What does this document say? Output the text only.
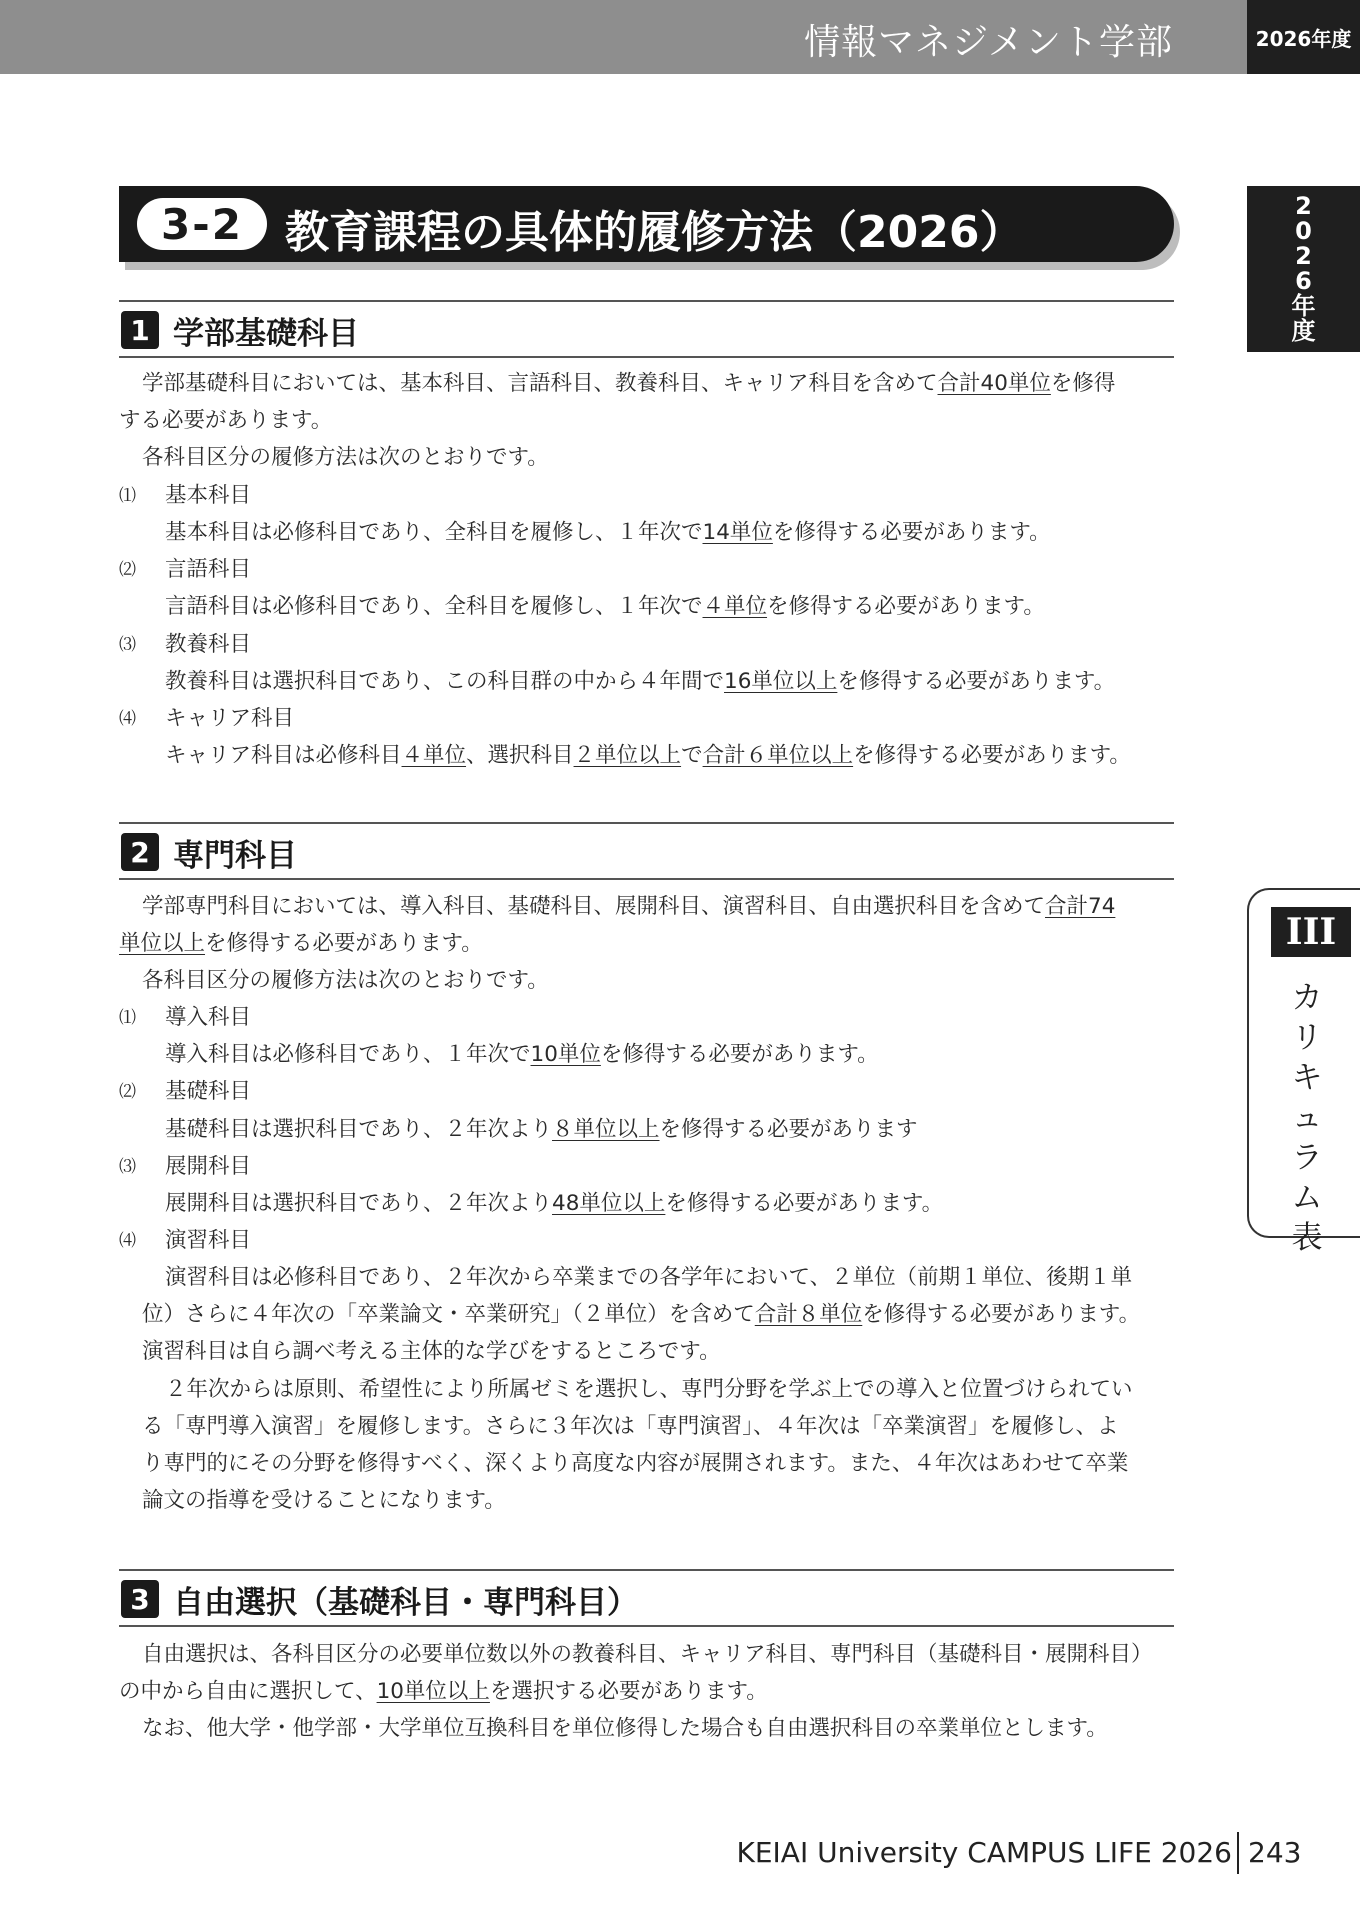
情報マネジメント学部	2026年度
2
0
2
6
年
度
III
カリキュラム表
3-2 教育課程の具体的履修方法（2026）
1 学部基礎科目
学部基礎科目においては、基本科目、言語科目、教養科目、キャリア科目を含めて合計40単位を修得
する必要があります。
各科目区分の履修方法は次のとおりです。
⑴ 基本科目
基本科目は必修科目であり、全科目を履修し、１年次で14単位を修得する必要があります。
⑵ 言語科目
言語科目は必修科目であり、全科目を履修し、１年次で４単位を修得する必要があります。
⑶ 教養科目
教養科目は選択科目であり、この科目群の中から４年間で16単位以上を修得する必要があります。
⑷ キャリア科目
キャリア科目は必修科目４単位、選択科目２単位以上で合計６単位以上を修得する必要があります。
2 専門科目
学部専門科目においては、導入科目、基礎科目、展開科目、演習科目、自由選択科目を含めて合計74
単位以上を修得する必要があります。
各科目区分の履修方法は次のとおりです。
⑴ 導入科目
導入科目は必修科目であり、１年次で10単位を修得する必要があります。
⑵ 基礎科目
基礎科目は選択科目であり、２年次より８単位以上を修得する必要があります
⑶ 展開科目
展開科目は選択科目であり、２年次より48単位以上を修得する必要があります。
⑷ 演習科目
演習科目は必修科目であり、２年次から卒業までの各学年において、２単位（前期１単位、後期１単
位）さらに４年次の「卒業論文・卒業研究」（２単位）を含めて合計８単位を修得する必要があります。
演習科目は自ら調べ考える主体的な学びをするところです。
２年次からは原則、希望性により所属ゼミを選択し、専門分野を学ぶ上での導入と位置づけられてい
る「専門導入演習」を履修します。さらに３年次は「専門演習」、４年次は「卒業演習」を履修し、よ
り専門的にその分野を修得すべく、深くより高度な内容が展開されます。また、４年次はあわせて卒業
論文の指導を受けることになります。
3 自由選択（基礎科目・専門科目）
自由選択は、各科目区分の必要単位数以外の教養科目、キャリア科目、専門科目（基礎科目・展開科目）
の中から自由に選択して、10単位以上を選択する必要があります。
なお、他大学・他学部・大学単位互換科目を単位修得した場合も自由選択科目の卒業単位とします。
KEIAI University CAMPUS LIFE 2026 243
